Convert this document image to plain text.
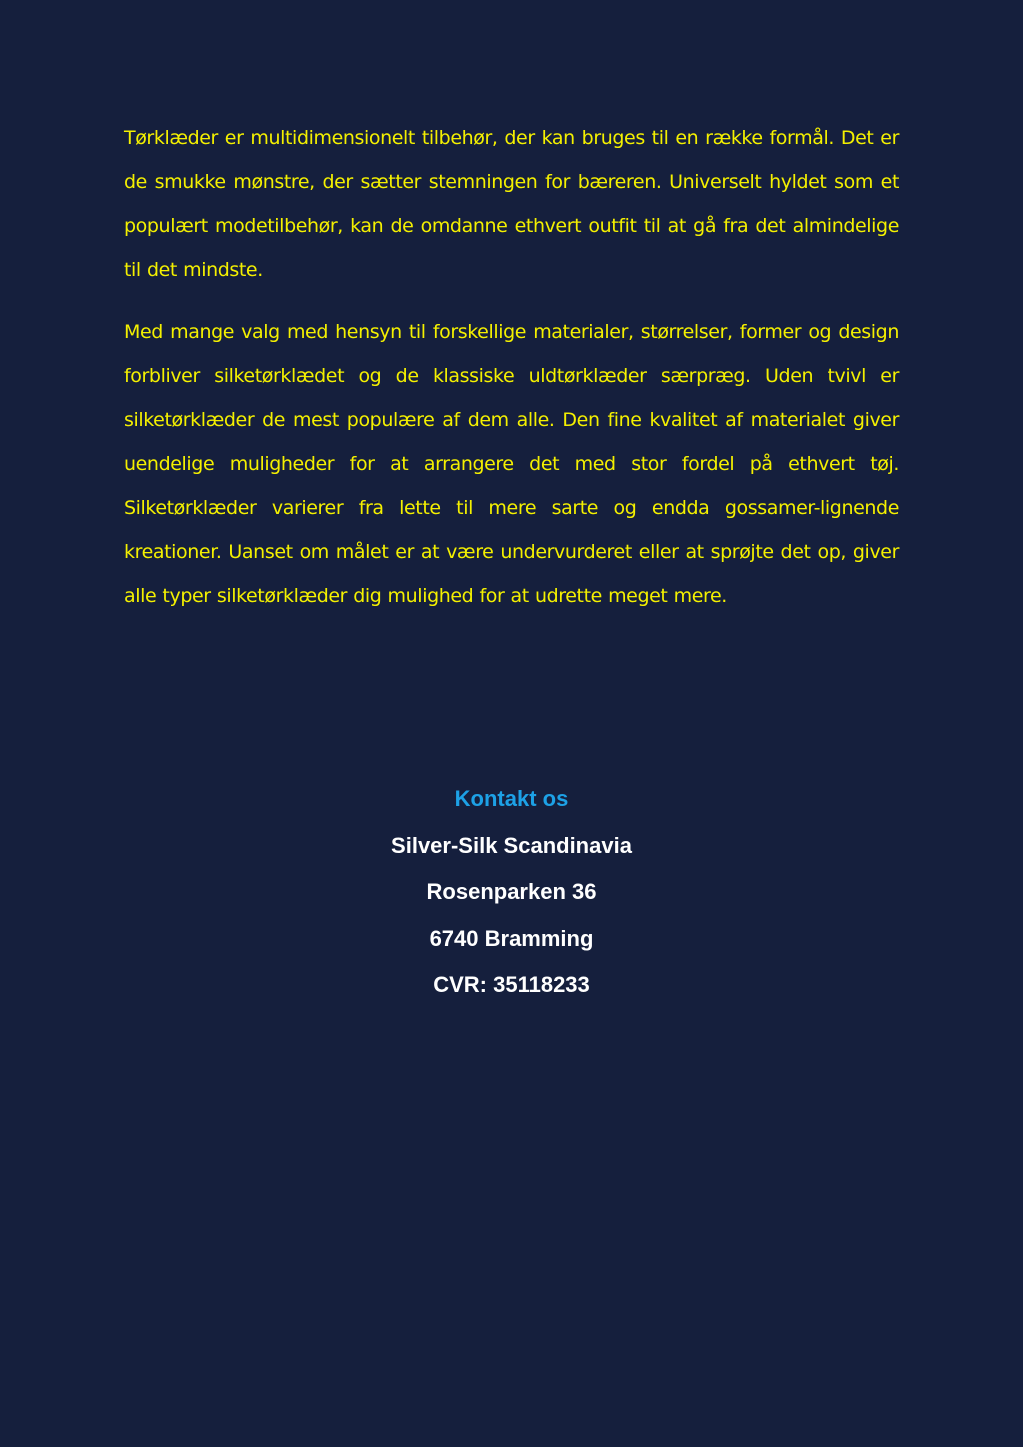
Tørklæder er multidimensionelt tilbehør, der kan bruges til en række formål. Det er de smukke mønstre, der sætter stemningen for bæreren. Universelt hyldet som et populært modetilbehør, kan de omdanne ethvert outfit til at gå fra det almindelige til det mindste.

Med mange valg med hensyn til forskellige materialer, størrelser, former og design forbliver silketørklædet og de klassiske uldtørklæder særpræg. Uden tvivl er silketørklæder de mest populære af dem alle. Den fine kvalitet af materialet giver uendelige muligheder for at arrangere det med stor fordel på ethvert tøj. Silketørklæder varierer fra lette til mere sarte og endda gossamer-lignende kreationer. Uanset om målet er at være undervurderet eller at sprøjte det op, giver alle typer silketørklæder dig mulighed for at udrette meget mere.

Kontakt os
Silver-Silk Scandinavia
Rosenparken 36
6740 Bramming
CVR: 35118233
